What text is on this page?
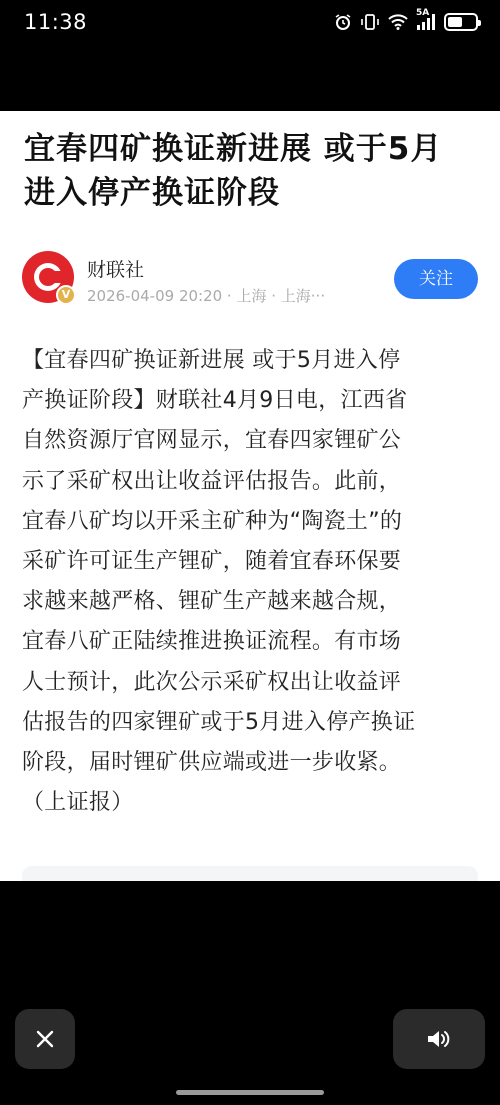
11:38	5A
宜春四矿换证新进展 或于5月
进入停产换证阶段
V
财联社
2026-04-09 20:20 · 上海 · 上海···
关注
【宜春四矿换证新进展 或于5月进入停
产换证阶段】财联社4月9日电，江西省
自然资源厅官网显示，宜春四家锂矿公
示了采矿权出让收益评估报告。此前，
宜春八矿均以开采主矿种为“陶瓷土”的
采矿许可证生产锂矿，随着宜春环保要
求越来越严格、锂矿生产越来越合规，
宜春八矿正陆续推进换证流程。有市场
人士预计，此次公示采矿权出让收益评
估报告的四家锂矿或于5月进入停产换证
阶段，届时锂矿供应端或进一步收紧。
（上证报）
